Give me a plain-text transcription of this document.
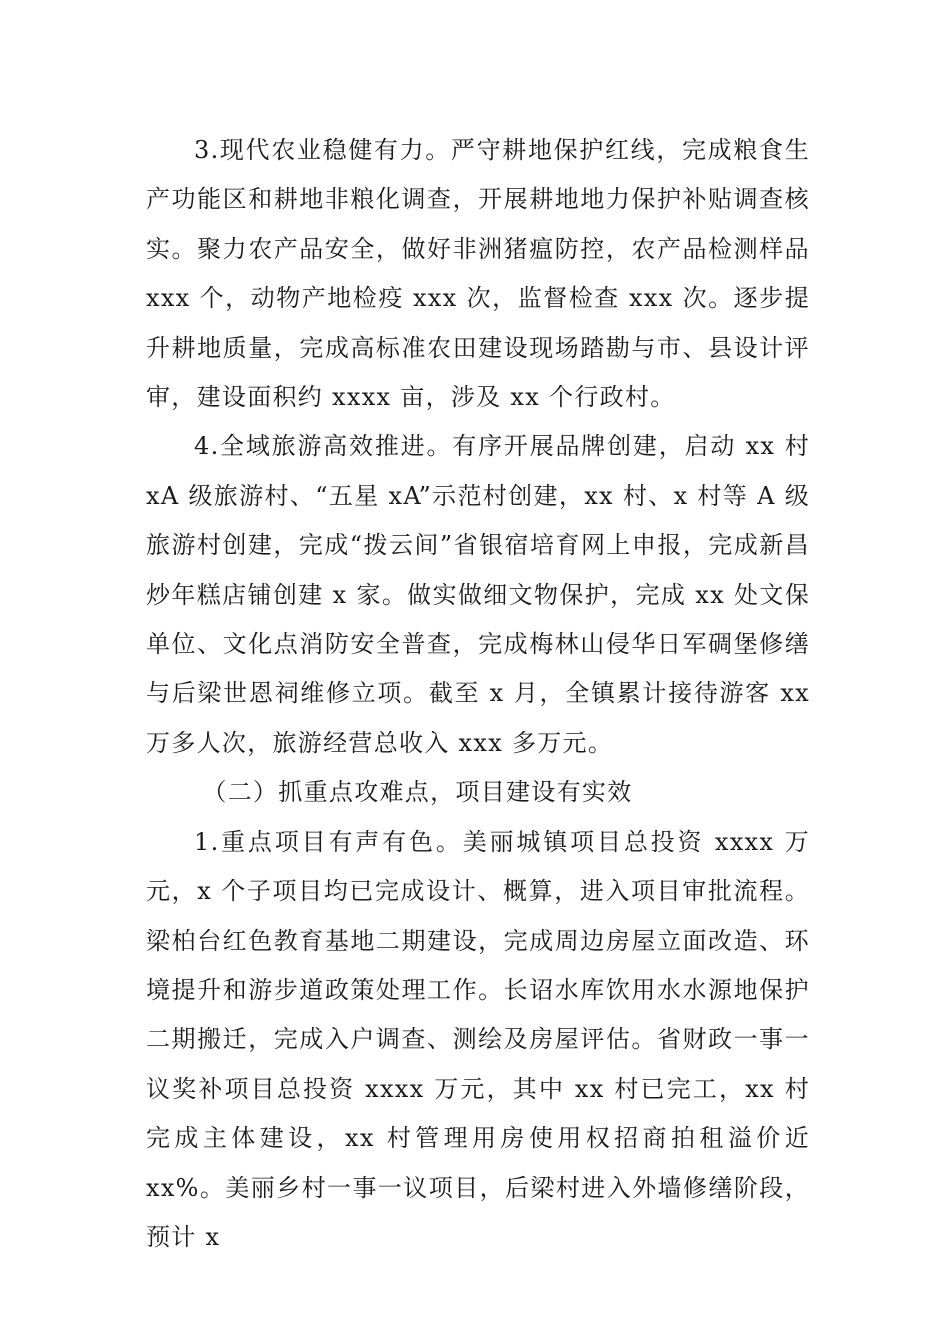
3.现代农业稳健有力。严守耕地保护红线，完成粮食生产功能区和耕地非粮化调查，开展耕地地力保护补贴调查核实。聚力农产品安全，做好非洲猪瘟防控，农产品检测样品 xxx 个，动物产地检疫 xxx 次，监督检查 xxx 次。逐步提升耕地质量，完成高标准农田建设现场踏勘与市、县设计评审，建设面积约 xxxx 亩，涉及 xx 个行政村。

4.全域旅游高效推进。有序开展品牌创建，启动 xx 村 xA 级旅游村、“五星 xA”示范村创建，xx 村、x 村等 A 级旅游村创建，完成“拨云间”省银宿培育网上申报，完成新昌炒年糕店铺创建 x 家。做实做细文物保护，完成 xx 处文保单位、文化点消防安全普查，完成梅林山侵华日军碉堡修缮与后梁世恩祠维修立项。截至 x 月，全镇累计接待游客 xx 万多人次，旅游经营总收入 xxx 多万元。

（二）抓重点攻难点，项目建设有实效

1.重点项目有声有色。美丽城镇项目总投资 xxxx 万元，x 个子项目均已完成设计、概算，进入项目审批流程。梁柏台红色教育基地二期建设，完成周边房屋立面改造、环境提升和游步道政策处理工作。长诏水库饮用水水源地保护二期搬迁，完成入户调查、测绘及房屋评估。省财政一事一议奖补项目总投资 xxxx 万元，其中 xx 村已完工，xx 村完成主体建设，xx 村管理用房使用权招商拍租溢价近 xx%。美丽乡村一事一议项目，后梁村进入外墙修缮阶段，预计 x
